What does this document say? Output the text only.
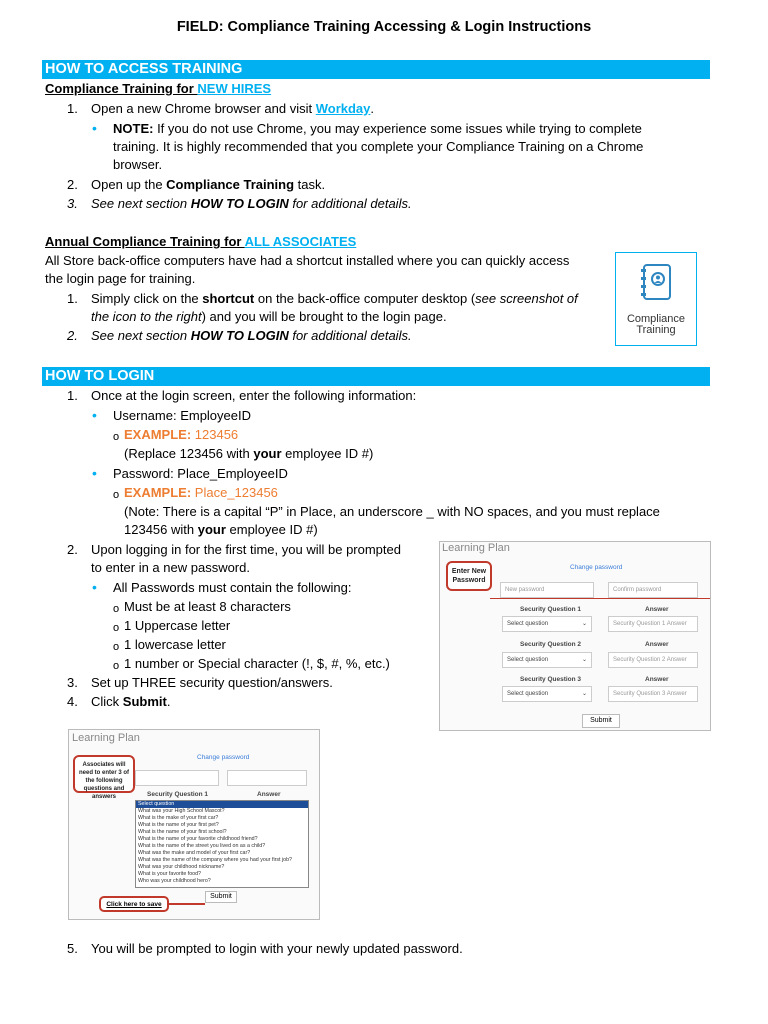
FIELD: Compliance Training Accessing & Login Instructions
HOW TO ACCESS TRAINING
Compliance Training for NEW HIRES
1. Open a new Chrome browser and visit Workday.
• NOTE: If you do not use Chrome, you may experience some issues while trying to complete
training. It is highly recommended that you complete your Compliance Training on a Chrome
browser.
2. Open up the Compliance Training task.
3. See next section HOW TO LOGIN for additional details.
Annual Compliance Training for ALL ASSOCIATES
All Store back-office computers have had a shortcut installed where you can quickly access
the login page for training.
1. Simply click on the shortcut on the back-office computer desktop (see screenshot of
the icon to the right) and you will be brought to the login page.
2. See next section HOW TO LOGIN for additional details.
Compliance
Training
HOW TO LOGIN
1. Once at the login screen, enter the following information:
• Username: EmployeeID
o EXAMPLE: 123456
(Replace 123456 with your employee ID #)
• Password: Place_EmployeeID
o EXAMPLE: Place_123456
(Note: There is a capital “P” in Place, an underscore _ with NO spaces, and you must replace
123456 with your employee ID #)
2. Upon logging in for the first time, you will be prompted
to enter in a new password.
• All Passwords must contain the following:
o Must be at least 8 characters
o 1 Uppercase letter
o 1 lowercase letter
o 1 number or Special character (!, $, #, %, etc.)
3. Set up THREE security question/answers.
4. Click Submit.
Learning Plan
Change password
New password	Confirm password
Enter New Password
Security Question 1	Answer
Select question	⌄	Security Question 1 Answer
Security Question 2	Answer
Select question	⌄	Security Question 2 Answer
Security Question 3	Answer
Select question	⌄	Security Question 3 Answer
Submit
Learning Plan
Change password
Associates will need to enter 3 of the following questions and answers	Security Question 1	Answer
Select question
What was your High School Mascot?
What is the make of your first car?
What is the name of your first pet?
What is the name of your first school?
What is the name of your favorite childhood friend?
What is the name of the street you lived on as a child?
What was the make and model of your first car?
What was the name of the company where you had your first job?
What was your childhood nickname?
What is your favorite food?
Who was your childhood hero?
Click here to save
Submit
5. You will be prompted to login with your newly updated password.
